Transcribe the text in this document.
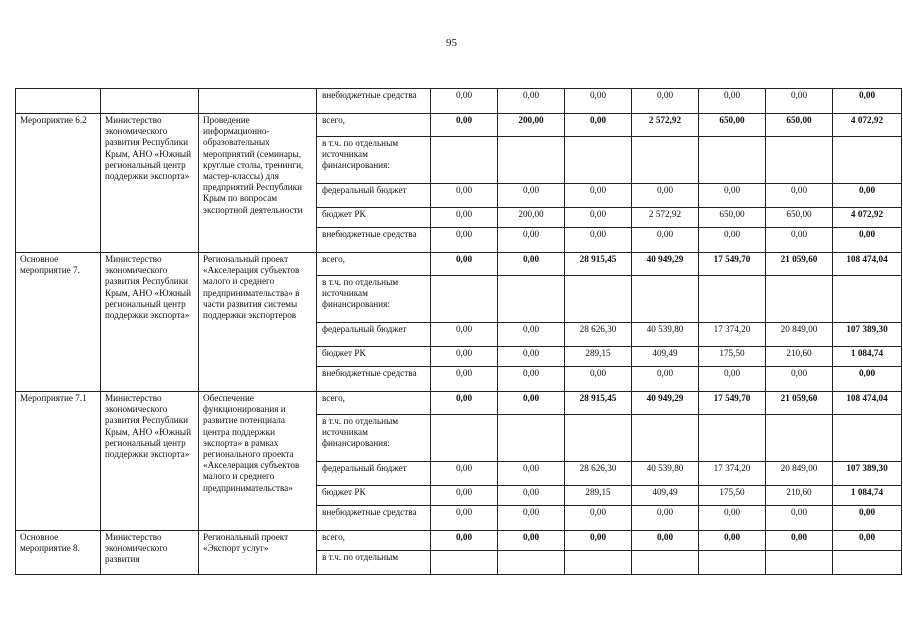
95
			внебюджетные средства	0,00	0,00	0,00	0,00	0,00	0,00	0,00
Мероприятие 6.2	Министерство экономического развития Республики Крым, АНО «Южный региональный центр поддержки экспорта»	Проведение информационно-образовательных мероприятий (семинары, круглые столы, тренинги, мастер-классы) для предприятий Республики Крым по вопросам экспортной деятельности	всего,	0,00	200,00	0,00	2 572,92	650,00	650,00	4 072,92
			в т.ч. по отдельным источникам финансирования:							
			федеральный бюджет	0,00	0,00	0,00	0,00	0,00	0,00	0,00
			бюджет РК	0,00	200,00	0,00	2 572,92	650,00	650,00	4 072,92
			внебюджетные средства	0,00	0,00	0,00	0,00	0,00	0,00	0,00
Основное мероприятие 7.	Министерство экономического развития Республики Крым, АНО «Южный региональный центр поддержки экспорта»	Региональный проект «Акселерация субъектов малого и среднего предпринимательства» в части развития системы поддержки экспортеров	всего,	0,00	0,00	28 915,45	40 949,29	17 549,70	21 059,60	108 474,04
			в т.ч. по отдельным источникам финансирования:							
			федеральный бюджет	0,00	0,00	28 626,30	40 539,80	17 374,20	20 849,00	107 389,30
			бюджет РК	0,00	0,00	289,15	409,49	175,50	210,60	1 084,74
			внебюджетные средства	0,00	0,00	0,00	0,00	0,00	0,00	0,00
Мероприятие 7.1	Министерство экономического развития Республики Крым, АНО «Южный региональный центр поддержки экспорта»	Обеспечение функционирования и развитие потенциала центра поддержки экспорта» в рамках регионального проекта «Акселерация субъектов малого и среднего предпринимательства»	всего,	0,00	0,00	28 915,45	40 949,29	17 549,70	21 059,60	108 474,04
			в т.ч. по отдельным источникам финансирования:							
			федеральный бюджет	0,00	0,00	28 626,30	40 539,80	17 374,20	20 849,00	107 389,30
			бюджет РК	0,00	0,00	289,15	409,49	175,50	210,60	1 084,74
			внебюджетные средства	0,00	0,00	0,00	0,00	0,00	0,00	0,00
Основное мероприятие 8.	Министерство экономического развития	Региональный проект «Экспорт услуг»	всего,	0,00	0,00	0,00	0,00	0,00	0,00	0,00
			в т.ч. по отдельным							
